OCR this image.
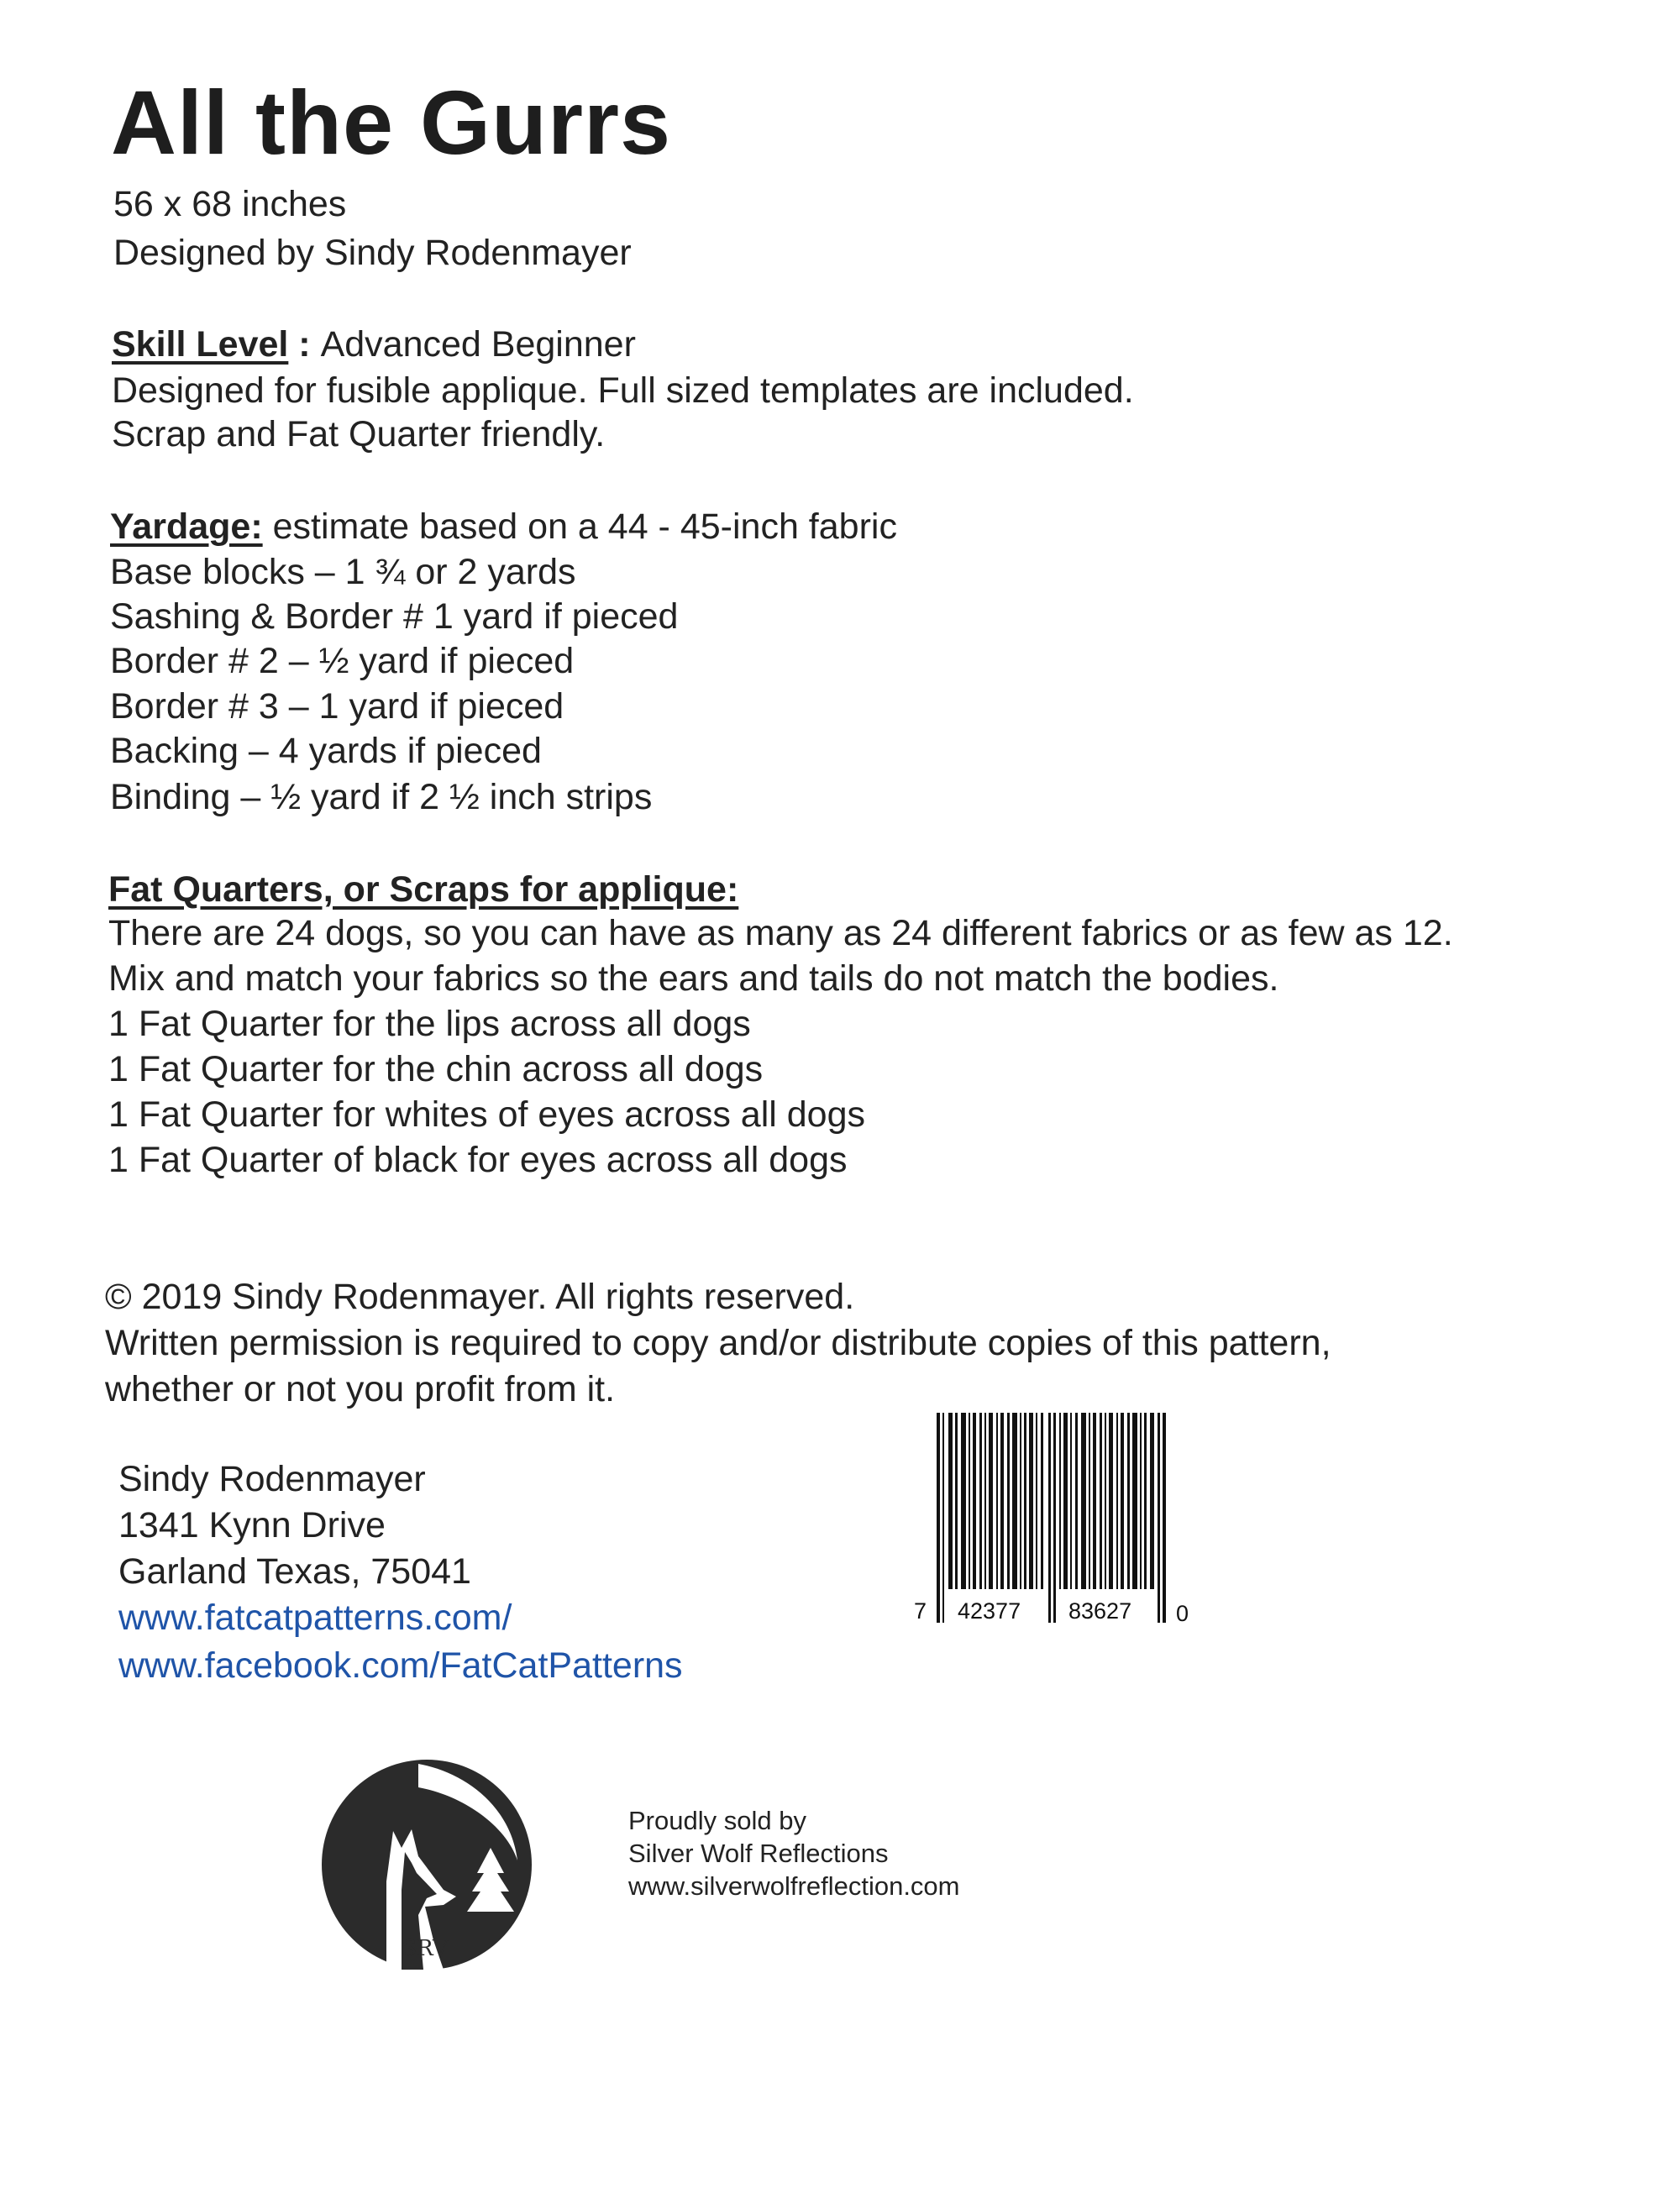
All the Gurrs
56 x 68 inches
Designed by Sindy Rodenmayer
Skill Level : Advanced Beginner
Designed for fusible applique. Full sized templates are included.
Scrap and Fat Quarter friendly.
Yardage: estimate based on a 44 - 45-inch fabric
Base blocks – 1 ¾ or 2 yards
Sashing & Border # 1 yard if pieced
Border # 2 – ½ yard if pieced
Border # 3 – 1 yard if pieced
Backing – 4 yards if pieced
Binding – ½ yard if 2 ½ inch strips
Fat Quarters, or Scraps for applique:
There are 24 dogs, so you can have as many as 24 different fabrics or as few as 12.
Mix and match your fabrics so the ears and tails do not match the bodies.
1 Fat Quarter for the lips across all dogs
1 Fat Quarter for the chin across all dogs
1 Fat Quarter for whites of eyes across all dogs
1 Fat Quarter of black for eyes across all dogs
© 2019 Sindy Rodenmayer. All rights reserved.
Written permission is required to copy and/or distribute copies of this pattern,
whether or not you profit from it.
Sindy Rodenmayer
1341 Kynn Drive
Garland Texas, 75041
www.fatcatpatterns.com/
www.facebook.com/FatCatPatterns
7 42377 83627 0
SRV
Proudly sold by
Silver Wolf Reflections
www.silverwolfreflection.com
